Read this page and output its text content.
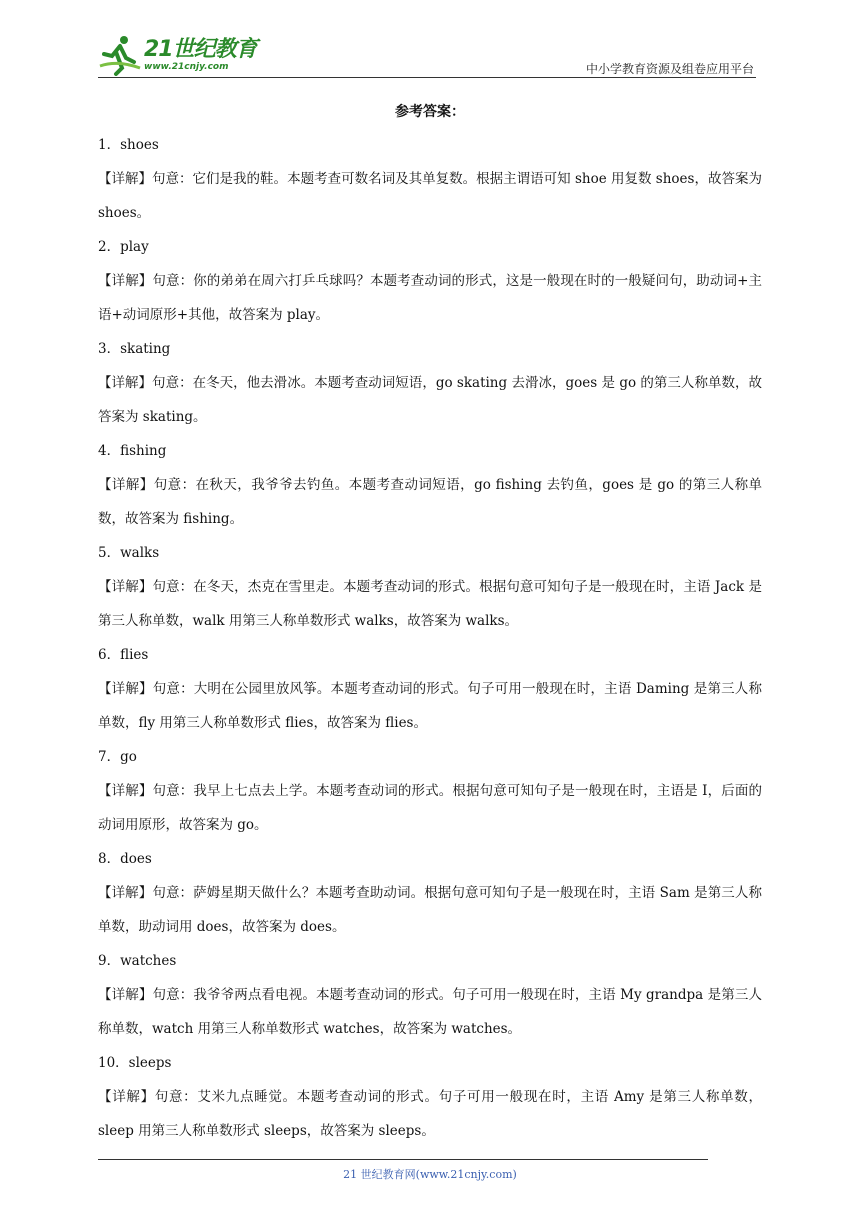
21世纪教育
www.21cnjy.com	中小学教育资源及组卷应用平台
参考答案：

1．shoes

【详解】句意：它们是我的鞋。本题考查可数名词及其单复数。根据主谓语可知 shoe 用复数 shoes，故答案为 shoes。

2．play

【详解】句意：你的弟弟在周六打乒乓球吗？本题考查动词的形式，这是一般现在时的一般疑问句，助动词+主语+动词原形+其他，故答案为 play。

3．skating

【详解】句意：在冬天，他去滑冰。本题考查动词短语，go skating 去滑冰，goes 是 go 的第三人称单数，故答案为 skating。

4．fishing

【详解】句意：在秋天，我爷爷去钓鱼。本题考查动词短语，go fishing 去钓鱼，goes 是 go 的第三人称单数，故答案为 fishing。

5．walks

【详解】句意：在冬天，杰克在雪里走。本题考查动词的形式。根据句意可知句子是一般现在时，主语 Jack 是第三人称单数，walk 用第三人称单数形式 walks，故答案为 walks。

6．flies

【详解】句意：大明在公园里放风筝。本题考查动词的形式。句子可用一般现在时，主语 Daming 是第三人称单数，fly 用第三人称单数形式 flies，故答案为 flies。

7．go

【详解】句意：我早上七点去上学。本题考查动词的形式。根据句意可知句子是一般现在时，主语是 I，后面的动词用原形，故答案为 go。

8．does

【详解】句意：萨姆星期天做什么？本题考查助动词。根据句意可知句子是一般现在时，主语 Sam 是第三人称单数，助动词用 does，故答案为 does。

9．watches

【详解】句意：我爷爷两点看电视。本题考查动词的形式。句子可用一般现在时，主语 My grandpa 是第三人称单数，watch 用第三人称单数形式 watches，故答案为 watches。

10．sleeps

【详解】句意：艾米九点睡觉。本题考查动词的形式。句子可用一般现在时，主语 Amy 是第三人称单数，sleep 用第三人称单数形式 sleeps，故答案为 sleeps。

21 世纪教育网(www.21cnjy.com)
